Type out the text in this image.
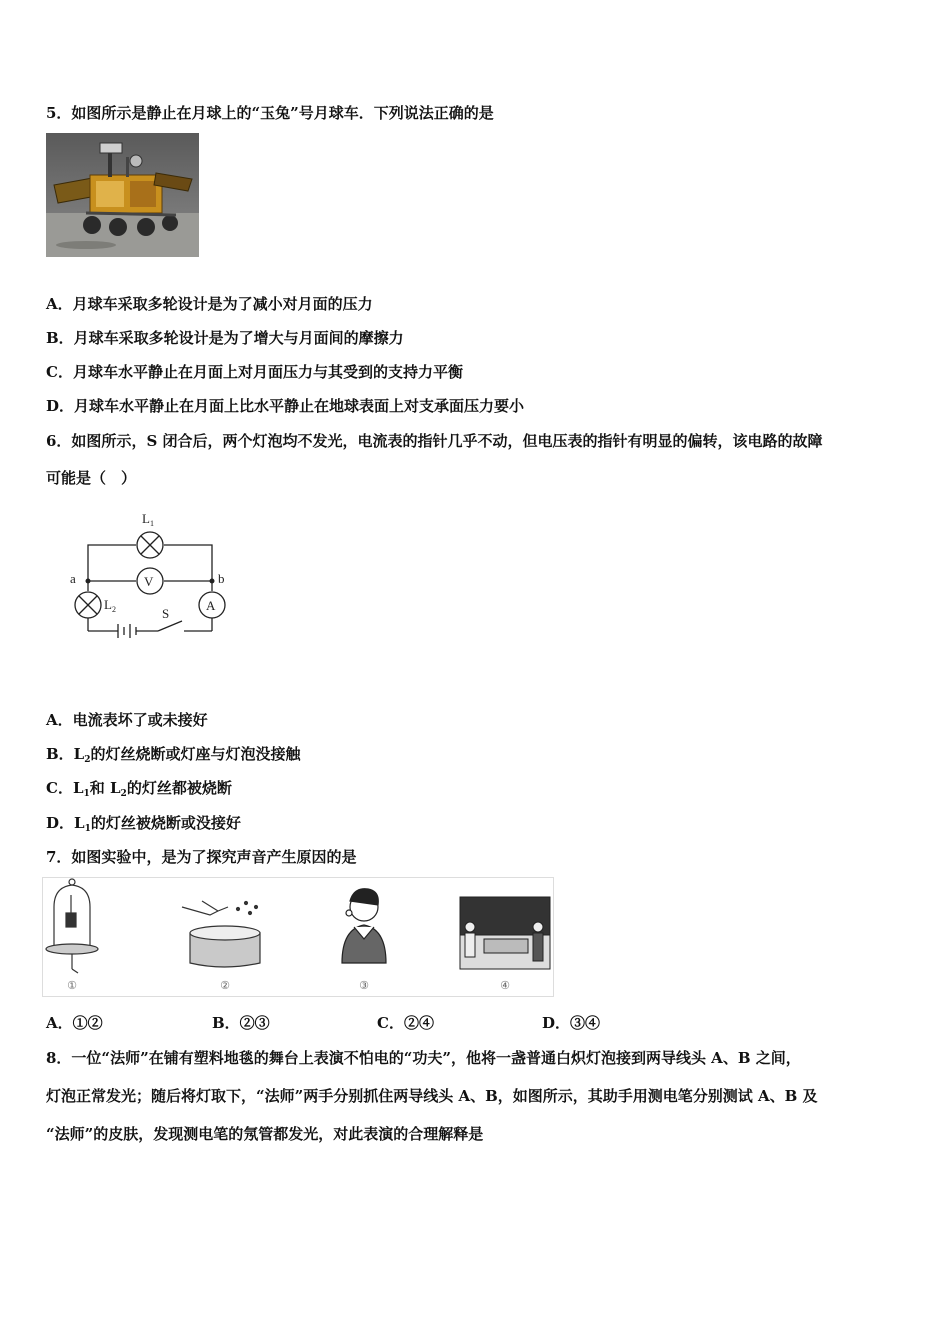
5．如图所示是静止在月球上的“玉兔”号月球车．下列说法正确的是
A．月球车采取多轮设计是为了减小对月面的压力
B．月球车采取多轮设计是为了增大与月面间的摩擦力
C．月球车水平静止在月面上对月面压力与其受到的支持力平衡
D．月球车水平静止在月面上比水平静止在地球表面上对支承面压力要小
6．如图所示，S 闭合后，两个灯泡均不发光，电流表的指针几乎不动，但电压表的指针有明显的偏转，该电路的故障
可能是（　）
$L_1$
V
A
$L_2$
a	b
S
A．电流表坏了或未接好
B．$L_2$的灯丝烧断或灯座与灯泡没接触
C．$L_1$和 $L_2$的灯丝都被烧断
D．$L_1$的灯丝被烧断或没接好
7．如图实验中，是为了探究声音产生原因的是
①	②	③	④
A．①②	B．②③	C．②④	D．③④
8．一位“法师”在铺有塑料地毯的舞台上表演不怕电的“功夫”，他将一盏普通白炽灯泡接到两导线头 A、B 之间，
灯泡正常发光；随后将灯取下，“法师”两手分别抓住两导线头 A、B，如图所示，其助手用测电笔分别测试 A、B 及
“法师”的皮肤，发现测电笔的氖管都发光，对此表演的合理解释是
